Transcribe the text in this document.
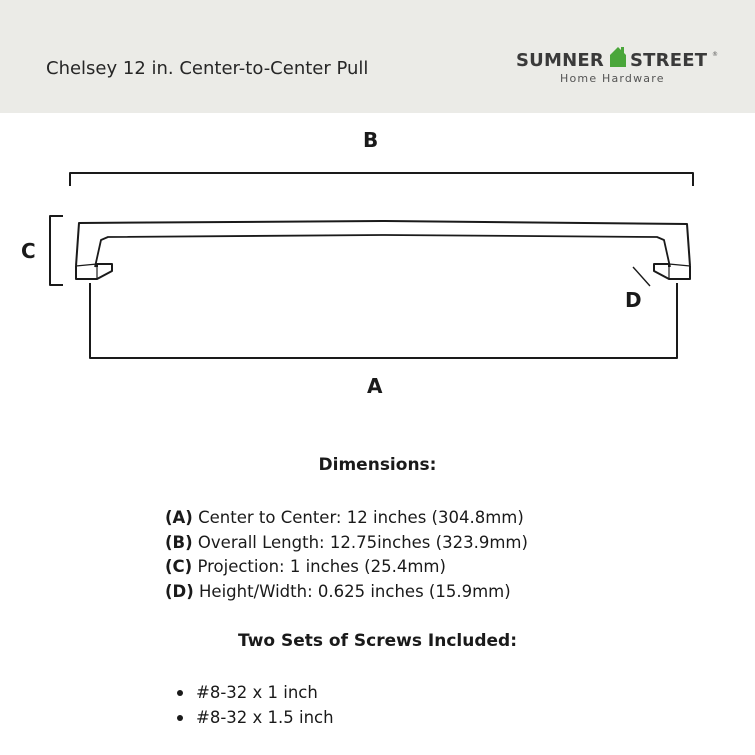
Chelsey 12 in. Center-to-Center Pull	SUMNER STREET ®
Home Hardware
B
C
D
A
Dimensions:
(A) Center to Center: 12 inches (304.8mm)
(B) Overall Length: 12.75inches (323.9mm)
(C) Projection: 1 inches (25.4mm)
(D) Height/Width: 0.625 inches (15.9mm)
Two Sets of Screws Included:
#8-32 x 1 inch
#8-32 x 1.5 inch
